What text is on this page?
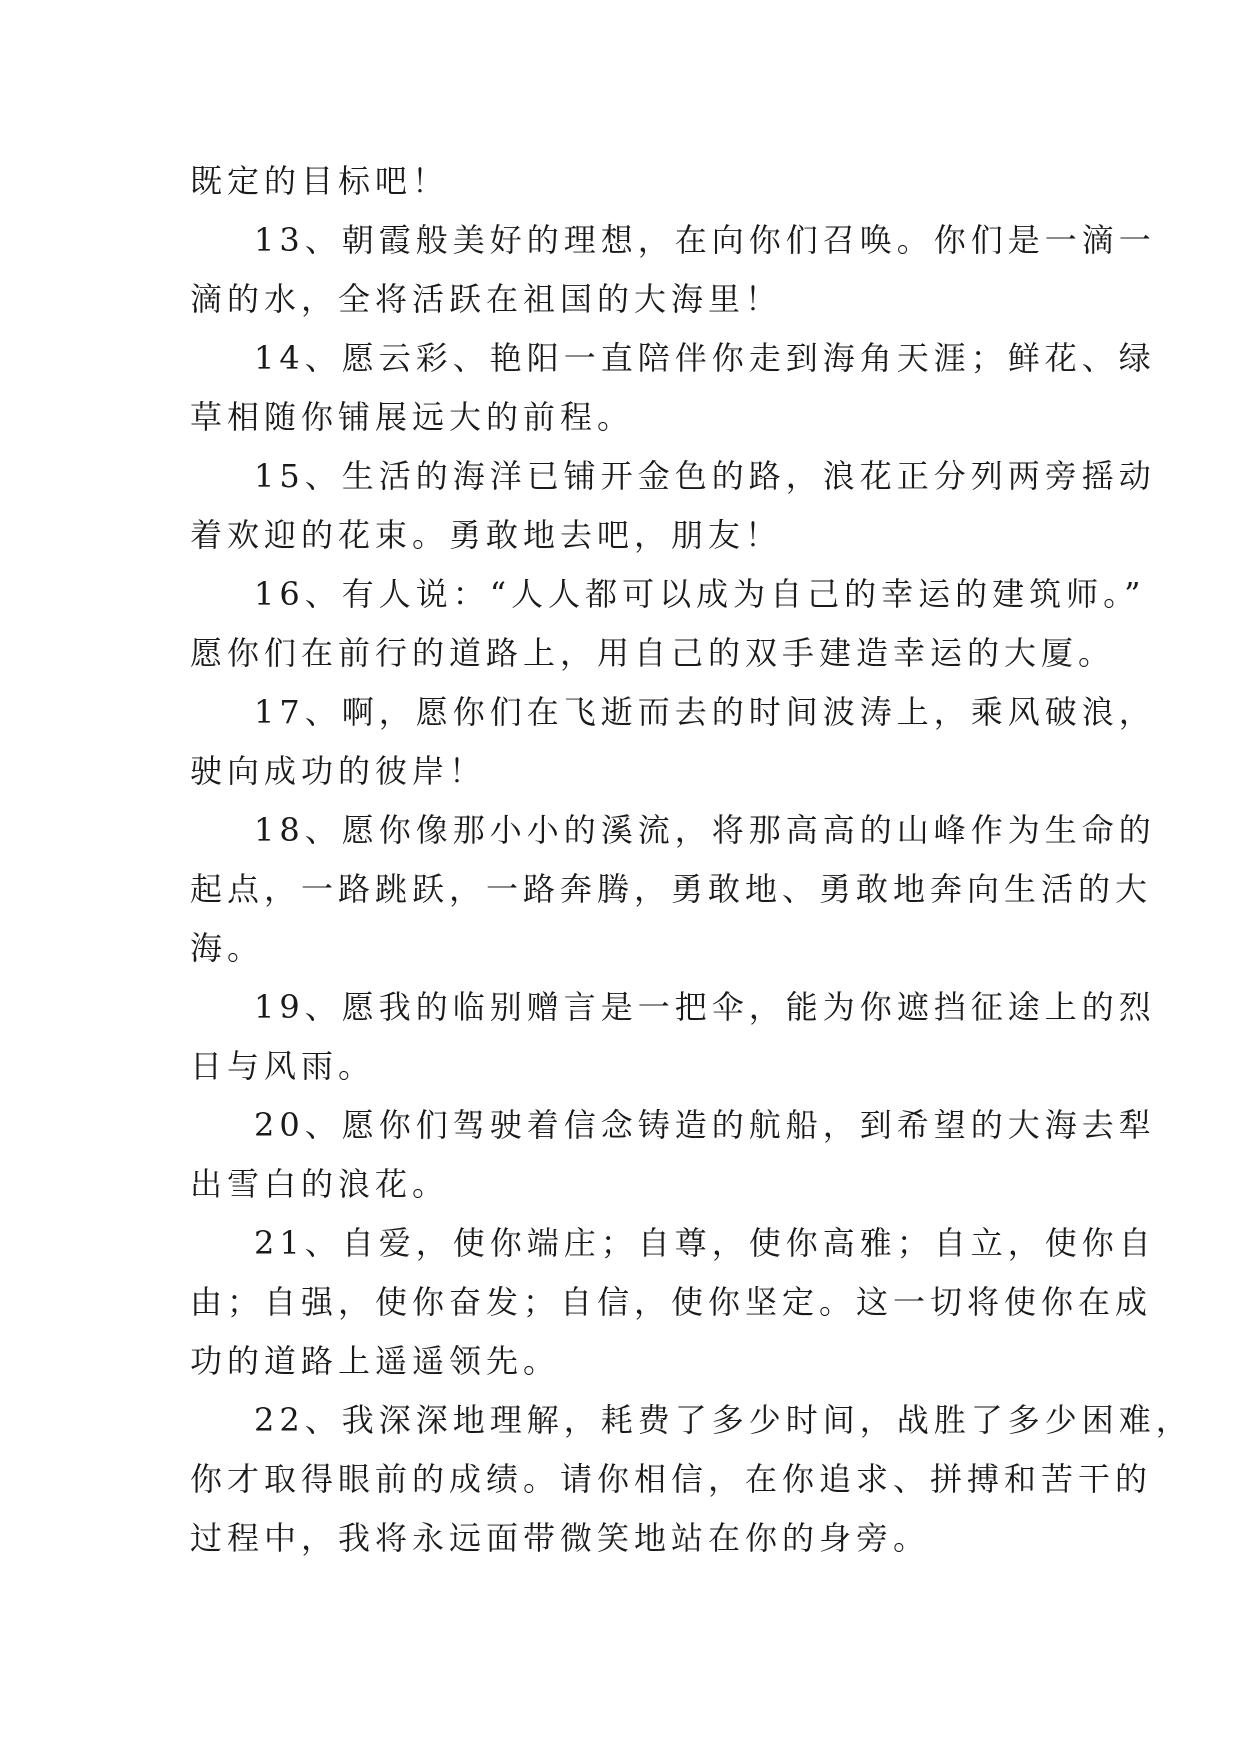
既定的目标吧！
13、朝霞般美好的理想，在向你们召唤。你们是一滴一
滴的水，全将活跃在祖国的大海里！
14、愿云彩、艳阳一直陪伴你走到海角天涯；鲜花、绿
草相随你铺展远大的前程。
15、生活的海洋已铺开金色的路，浪花正分列两旁摇动
着欢迎的花束。勇敢地去吧，朋友！
16、有人说：“人人都可以成为自己的幸运的建筑师。”
愿你们在前行的道路上，用自己的双手建造幸运的大厦。
17、啊，愿你们在飞逝而去的时间波涛上，乘风破浪，
驶向成功的彼岸！
18、愿你像那小小的溪流，将那高高的山峰作为生命的
起点，一路跳跃，一路奔腾，勇敢地、勇敢地奔向生活的大
海。
19、愿我的临别赠言是一把伞，能为你遮挡征途上的烈
日与风雨。
20、愿你们驾驶着信念铸造的航船，到希望的大海去犁
出雪白的浪花。
21、自爱，使你端庄；自尊，使你高雅；自立，使你自
由；自强，使你奋发；自信，使你坚定。这一切将使你在成
功的道路上遥遥领先。
22、我深深地理解，耗费了多少时间，战胜了多少困难，
你才取得眼前的成绩。请你相信，在你追求、拼搏和苦干的
过程中，我将永远面带微笑地站在你的身旁。
